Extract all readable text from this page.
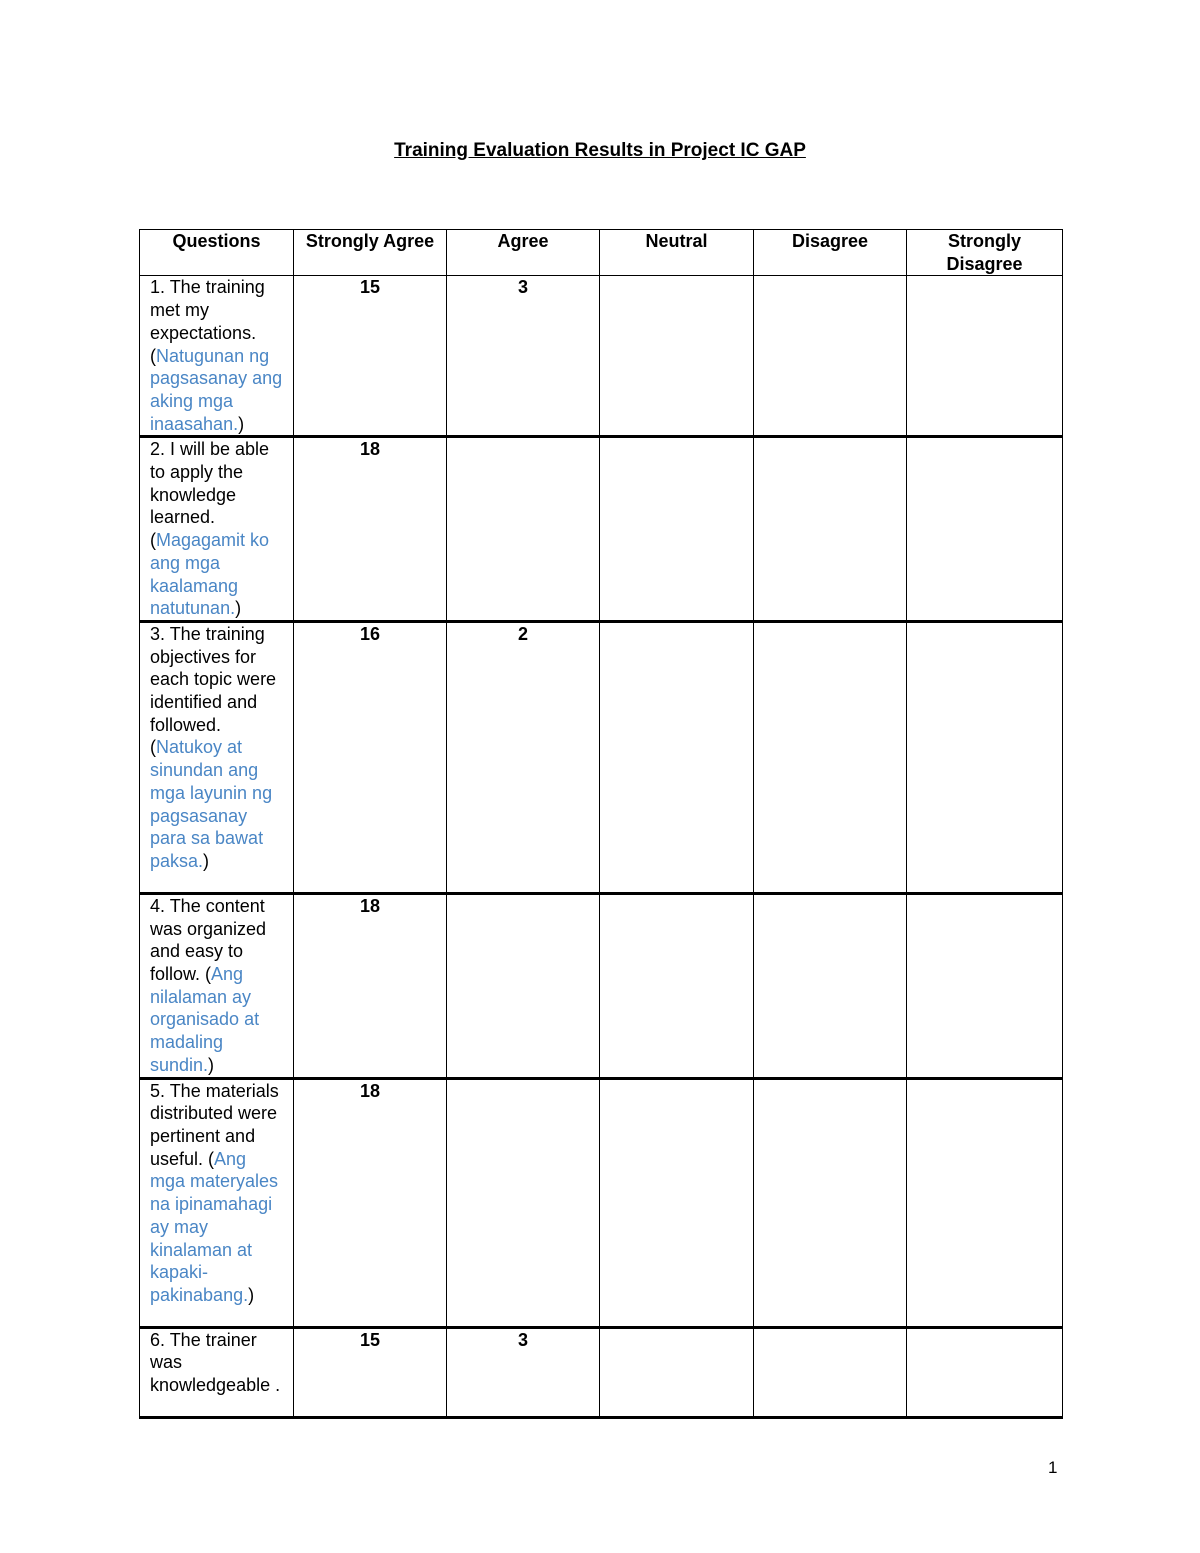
Training Evaluation Results in Project IC GAP
Questions	Strongly Agree	Agree	Neutral	Disagree	Strongly Disagree
1. The training met my expectations.(Natugunan ng pagsasanay ang aking mga inaasahan.)	15	3			
2. I will be able to apply the knowledge learned. (Magagamit ko ang mga kaalamang natutunan.)	18				
3. The training objectives for each topic were identified and followed. (Natukoy at sinundan ang mga layunin ng pagsasanay para sa bawat paksa.)	16	2			
4. The content was organized and easy to follow. (Ang nilalaman ay organisado at madaling sundin.)	18				
5. The materials distributed were pertinent and useful. (Ang mga materyales na ipinamahagi ay may kinalaman at kapaki-pakinabang.)	18				
6. The trainer was knowledgeable .	15	3			
1
